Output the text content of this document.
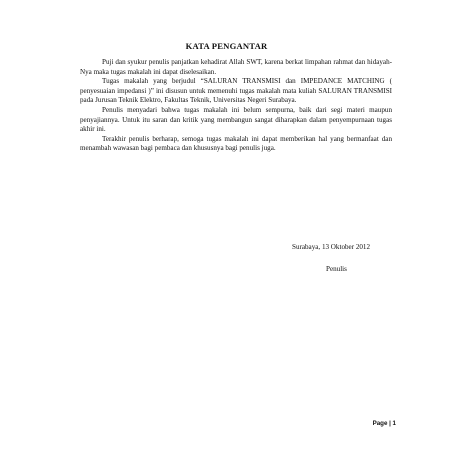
KATA PENGANTAR

Puji dan syukur penulis panjatkan kehadirat Allah SWT, karena berkat limpahan rahmat dan hidayah-Nya maka tugas makalah ini dapat diselesaikan.

Tugas makalah yang berjudul “SALURAN TRANSMISI dan IMPEDANCE MATCHING ( penyesuaian impedansi )” ini disusun untuk memenuhi tugas makalah mata kuliah SALURAN TRANSMISI pada Jurusan Teknik Elektro, Fakultas Teknik, Universitas Negeri Surabaya.

Penulis menyadari bahwa tugas makalah ini belum sempurna, baik dari segi materi maupun penyajiannya. Untuk itu saran dan kritik yang membangun sangat diharapkan dalam penyempurnaan tugas akhir ini.

Terakhir penulis berharap, semoga tugas makalah ini dapat memberikan hal yang bermanfaat dan menambah wawasan bagi pembaca dan khususnya bagi penulis juga.

Surabaya, 13 Oktober 2012
Penulis
Page | 1
